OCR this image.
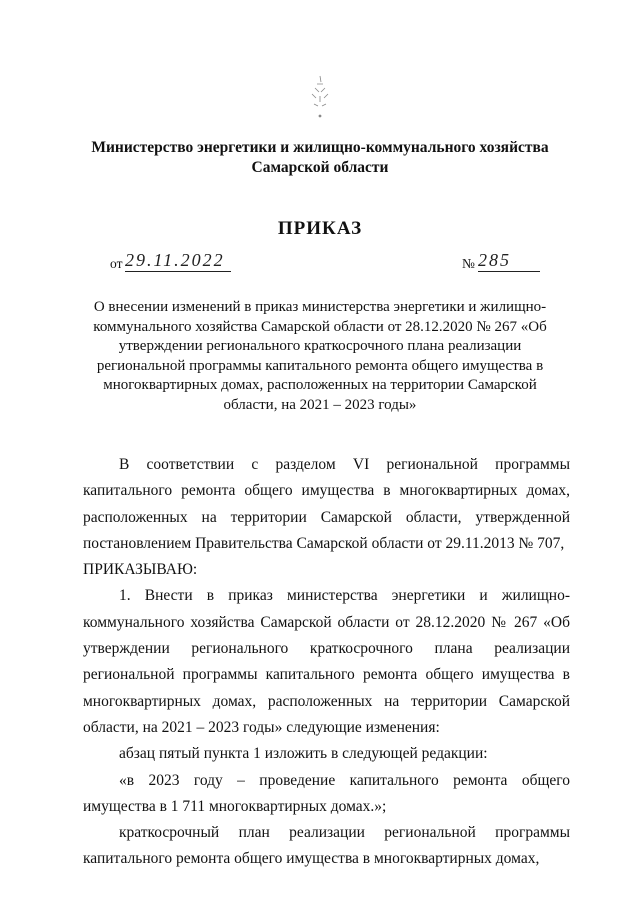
Министерство энергетики и жилищно-коммунального хозяйства
Самарской области
ПРИКАЗ
от 29.11.2022	№ 285
О внесении изменений в приказ министерства энергетики и жилищно-коммунального хозяйства Самарской области от 28.12.2020 № 267 «Об утверждении регионального краткосрочного плана реализации региональной программы капитального ремонта общего имущества в многоквартирных домах, расположенных на территории Самарской области, на 2021 – 2023 годы»

В соответствии с разделом VI региональной программы капитального ремонта общего имущества в многоквартирных домах, расположенных на территории Самарской области, утвержденной постановлением Правительства Самарской области от 29.11.2013 № 707,

ПРИКАЗЫВАЮ:

1. Внести в приказ министерства энергетики и жилищно-коммунального хозяйства Самарской области от 28.12.2020 № 267 «Об утверждении регионального краткосрочного плана реализации региональной программы капитального ремонта общего имущества в многоквартирных домах, расположенных на территории Самарской области, на 2021 – 2023 годы» следующие изменения:

абзац пятый пункта 1 изложить в следующей редакции:

«в 2023 году – проведение капитального ремонта общего имущества в 1 711 многоквартирных домах.»;

краткосрочный план реализации региональной программы капитального ремонта общего имущества в многоквартирных домах,
